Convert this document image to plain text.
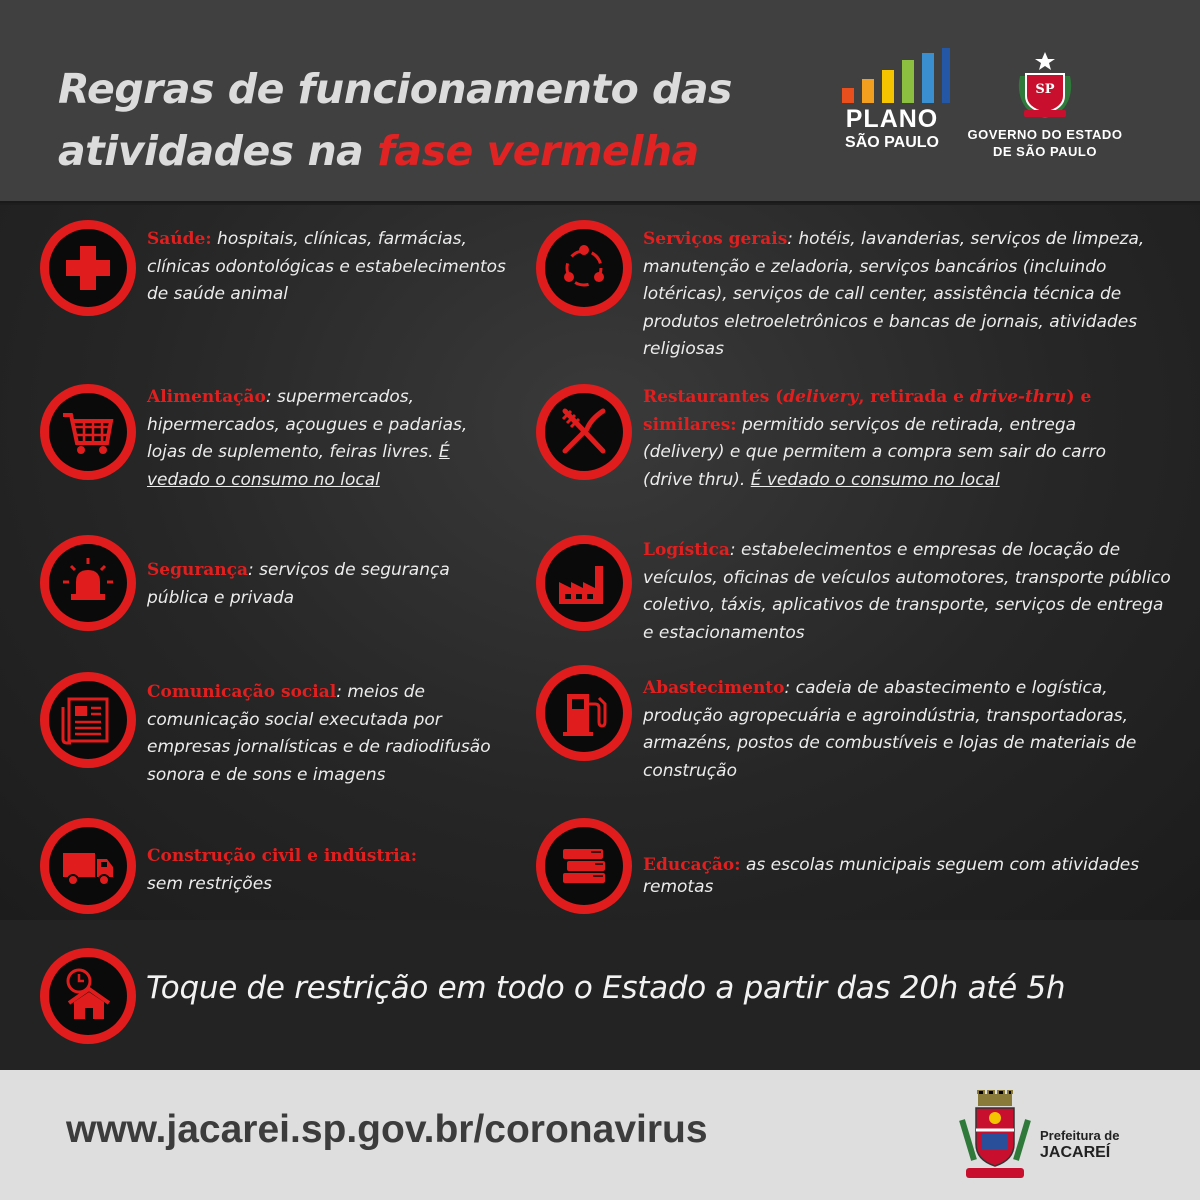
Regras de funcionamento das
atividades na fase vermelha
PLANO
SÃO PAULO
SP
GOVERNO DO ESTADO
DE SÃO PAULO
Saúde: hospitais, clínicas, farmácias, clínicas odontológicas e estabelecimentos de saúde animal
Serviços gerais: hotéis, lavanderias, serviços de limpeza, manutenção e zeladoria, serviços bancários (incluindo lotéricas), serviços de call center, assistência técnica de produtos eletroeletrônicos e bancas de jornais, atividades religiosas
Alimentação: supermercados, hipermercados, açougues e padarias, lojas de suplemento, feiras livres. É vedado o consumo no local
Restaurantes (delivery, retirada e drive-thru) e similares: permitido serviços de retirada, entrega (delivery) e que permitem a compra sem sair do carro (drive thru). É vedado o consumo no local
Segurança: serviços de segurança pública e privada
Logística: estabelecimentos e empresas de locação de veículos, oficinas de veículos automotores, transporte público coletivo, táxis, aplicativos de transporte, serviços de entrega e estacionamentos
Comunicação social: meios de comunicação social executada por empresas jornalísticas e de radiodifusão sonora e de sons e imagens
Abastecimento: cadeia de abastecimento e logística, produção agropecuária e agroindústria, transportadoras, armazéns, postos de combustíveis e lojas de materiais de construção
Construção civil e indústria:
sem restrições
Educação: as escolas municipais seguem com atividades remotas
Toque de restrição em todo o Estado a partir das 20h até 5h
www.jacarei.sp.gov.br/coronavirus	Prefeitura de
JACAREÍ
